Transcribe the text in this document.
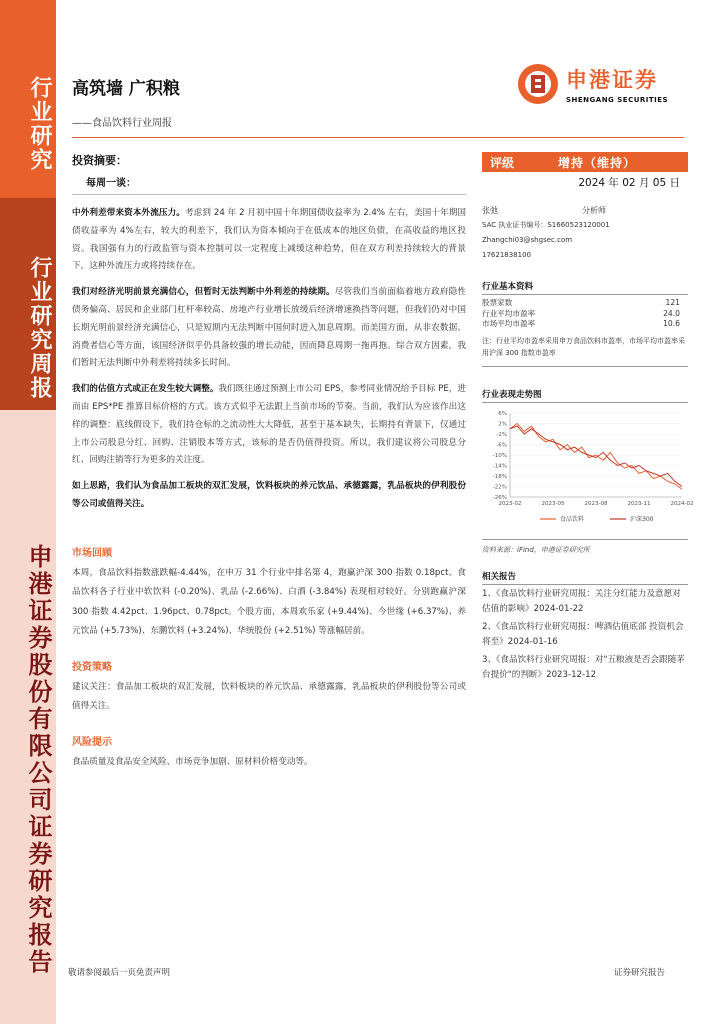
行业研究
行业研究周报
申港证券股份有限公司证券研究报告
高筑墙 广积粮
——食品饮料行业周报
申港证券
SHENGANG SECURITIES
投资摘要：
每周一谈：
中外利差带来资本外流压力。考虑到 24 年 2 月初中国十年期国债收益率为 2.4% 左右，美国十年期国债收益率为 4%左右，较大的利差下，我们认为资本倾向于在低成本的地区负债，在高收益的地区投资。我国强有力的行政监管与资本控制可以一定程度上减缓这种趋势，但在双方利差持续较大的背景下，这种外流压力或将持续存在。
我们对经济光明前景充满信心，但暂时无法判断中外利差的持续期。尽管我们当前面临着地方政府隐性债务偏高、居民和企业部门杠杆率较高、房地产行业增长放缓后经济增速换挡等问题，但我们仍对中国长期光明前景经济充满信心，只是短期内无法判断中国何时进入加息周期。而美国方面，从非农数据、消费者信心等方面，该国经济似乎仍具备较强的增长动能，因而降息周期一拖再拖。综合双方因素，我们暂时无法判断中外利差将持续多长时间。
我们的估值方式或正在发生较大调整。我们既往通过预测上市公司 EPS，参考同业情况给予目标 PE，进而由 EPS*PE 推算目标价格的方式。该方式似乎无法跟上当前市场的节奏。当前，我们认为应该作出这样的调整：底线假设下，我们持仓标的之流动性大大降低，甚至于基本缺失，长期持有背景下，仅通过上市公司股息分红、回购、注销股本等方式，该标的是否仍值得投资。所以，我们建议将公司股息分红、回购注销等行为更多的关注度。
如上思路，我们认为食品加工板块的双汇发展，饮料板块的养元饮品、承德露露，乳品板块的伊利股份等公司或值得关注。
市场回顾
本周，食品饮料指数涨跌幅-4.44%，在申万 31 个行业中排名第 4，跑赢沪深 300 指数 0.18pct。食品饮料各子行业中软饮料 (-0.20%)、乳品 (-2.66%)、白酒 (-3.84%) 表现相对较好。分别跑赢沪深 300 指数 4.42pct、1.96pct、0.78pct。个股方面，本周欢乐家 (+9.44%)、今世缘 (+6.37%)、养元饮品 (+5.73%)、东鹏饮料 (+3.24%)、华统股份 (+2.51%) 等涨幅居前。
投资策略
建议关注：食品加工板块的双汇发展，饮料板块的养元饮品、承德露露，乳品板块的伊利股份等公司或值得关注。
风险提示
食品质量及食品安全风险、市场竞争加剧、原材料价格变动等。
评级	增持（维持）
2024 年 02 月 05 日
张弛	分析师
SAC 执业证书编号：S1660523120001
Zhangchi03@shgsec.com
17621838100
行业基本资料
股票家数	121
行业平均市盈率	24.0
市场平均市盈率	10.6
注：行业平均市盈率采用申万食品饮料市盈率，市场平均市盈率采用沪深 300 指数市盈率
行业表现走势图
6%
2%
-2%
-6%
-10%
-14%
-18%
-22%
-26%
2023-02	2023-05	2023-08	2023-11	2024-02
食品饮料	沪深300
资料来源：iFind，申港证券研究所
相关报告
1、《食品饮料行业研究周报：关注分红能力及意愿对估值的影响》2024-01-22
2、《食品饮料行业研究周报：啤酒估值底部 投资机会将至》2024-01-16
3、《食品饮料行业研究周报：对"五粮液是否会跟随茅台提价"的判断》2023-12-12
敬请参阅最后一页免责声明	证券研究报告
